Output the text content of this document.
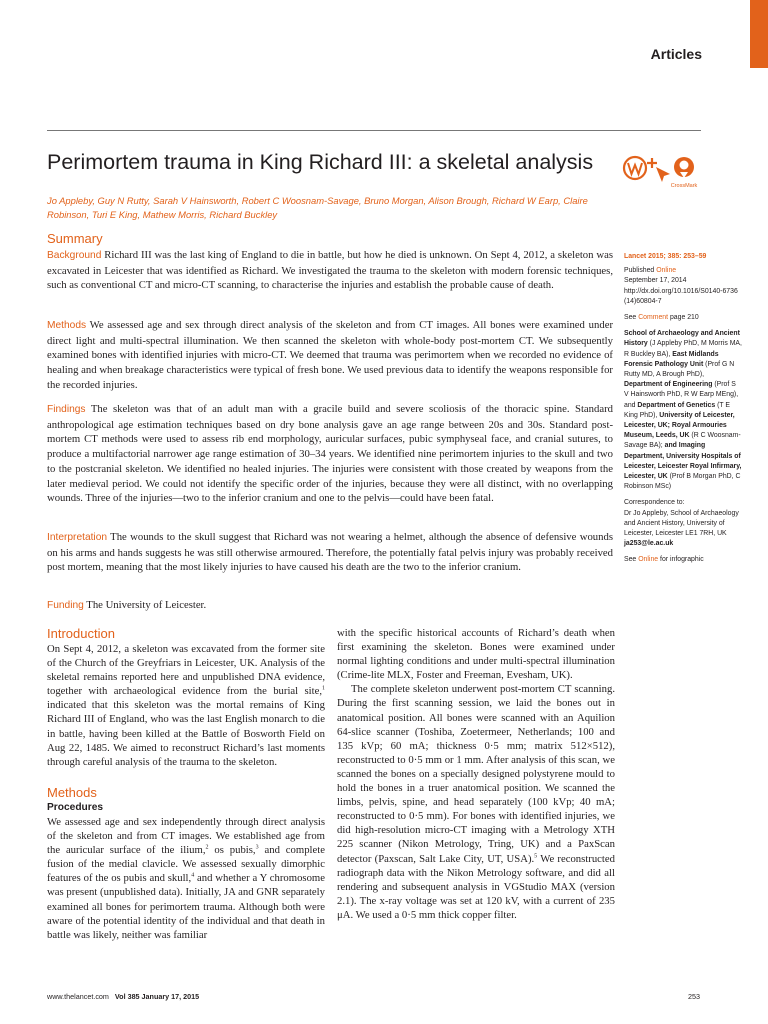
Articles
Perimortem trauma in King Richard III: a skeletal analysis
CrossMark
Jo Appleby, Guy N Rutty, Sarah V Hainsworth, Robert C Woosnam-Savage, Bruno Morgan, Alison Brough, Richard W Earp, Claire Robinson, Turi E King, Mathew Morris, Richard Buckley
Summary

Background Richard III was the last king of England to die in battle, but how he died is unknown. On Sept 4, 2012, a skeleton was excavated in Leicester that was identified as Richard. We investigated the trauma to the skeleton with modern forensic techniques, such as conventional CT and micro-CT scanning, to characterise the injuries and establish the probable cause of death.

Methods We assessed age and sex through direct analysis of the skeleton and from CT images. All bones were examined under direct light and multi-spectral illumination. We then scanned the skeleton with whole-body post-mortem CT. We subsequently examined bones with identified injuries with micro-CT. We deemed that trauma was perimortem when we recorded no evidence of healing and when breakage characteristics were typical of fresh bone. We used previous data to identify the weapons responsible for the recorded injuries.

Findings The skeleton was that of an adult man with a gracile build and severe scoliosis of the thoracic spine. Standard anthropological age estimation techniques based on dry bone analysis gave an age range between 20s and 30s. Standard post-mortem CT methods were used to assess rib end morphology, auricular surfaces, pubic symphyseal face, and cranial sutures, to produce a multifactorial narrower age range estimation of 30–34 years. We identified nine perimortem injuries to the skull and two to the postcranial skeleton. We identified no healed injuries. The injuries were consistent with those created by weapons from the later medieval period. We could not identify the specific order of the injuries, because they were all distinct, with no overlapping wounds. Three of the injuries—two to the inferior cranium and one to the pelvis—could have been fatal.

Interpretation The wounds to the skull suggest that Richard was not wearing a helmet, although the absence of defensive wounds on his arms and hands suggests he was still otherwise armoured. Therefore, the potentially fatal pelvis injury was probably received post mortem, meaning that the most likely injuries to have caused his death are the two to the inferior cranium.

Funding The University of Leicester.

Lancet 2015; 385: 253–59

Published Online
September 17, 2014
http://dx.doi.org/10.1016/S0140-6736(14)60804-7

See Comment page 210

School of Archaeology and Ancient History (J Appleby PhD, M Morris MA, R Buckley BA), East Midlands Forensic Pathology Unit (Prof G N Rutty MD, A Brough PhD), Department of Engineering (Prof S V Hainsworth PhD, R W Earp MEng), and Department of Genetics (T E King PhD), University of Leicester, Leicester, UK; Royal Armouries Museum, Leeds, UK (R C Woosnam-Savage BA); and Imaging Department, University Hospitals of Leicester, Leicester Royal Infirmary, Leicester, UK (Prof B Morgan PhD, C Robinson MSc)

Correspondence to:
Dr Jo Appleby, School of Archaeology and Ancient History, University of Leicester, Leicester LE1 7RH, UK
ja253@le.ac.uk

See Online for infographic

Introduction

On Sept 4, 2012, a skeleton was excavated from the former site of the Church of the Greyfriars in Leicester, UK. Analysis of the skeletal remains reported here and unpublished DNA evidence, together with archaeological evidence from the burial site,$^1$ indicated that this skeleton was the mortal remains of King Richard III of England, who was the last English monarch to die in battle, having been killed at the Battle of Bosworth Field on Aug 22, 1485. We aimed to reconstruct Richard’s last moments through careful analysis of the trauma to the skeleton.

Methods
Procedures

We assessed age and sex independently through direct analysis of the skeleton and from CT images. We established age from the auricular surface of the ilium,$^2$ os pubis,$^3$ and complete fusion of the medial clavicle. We assessed sexually dimorphic features of the os pubis and skull,$^4$ and whether a Y chromosome was present (unpublished data). Initially, JA and GNR separately examined all bones for perimortem trauma. Although both were aware of the potential identity of the individual and that death in battle was likely, neither was familiar

with the specific historical accounts of Richard’s death when first examining the skeleton. Bones were examined under normal lighting conditions and under multi-spectral illumination (Crime-lite MLX, Foster and Freeman, Evesham, UK).

The complete skeleton underwent post-mortem CT scanning. During the first scanning session, we laid the bones out in anatomical position. All bones were scanned with an Aquilion 64-slice scanner (Toshiba, Zoetermeer, Netherlands; 100 and 135 kVp; 60 mA; thickness 0·5 mm; matrix 512×512), reconstructed to 0·5 mm or 1 mm. After analysis of this scan, we scanned the bones on a specially designed polystyrene mould to hold the bones in a truer anatomical position. We scanned the limbs, pelvis, spine, and head separately (100 kVp; 40 mA; reconstructed to 0·5 mm). For bones with identified injuries, we did high-resolution micro-CT imaging with a Metrology XTH 225 scanner (Nikon Metrology, Tring, UK) and a PaxScan detector (Paxscan, Salt Lake City, UT, USA).$^5$ We reconstructed radiograph data with the Nikon Metrology software, and did all rendering and subsequent analysis in VGStudio MAX (version 2.1). The x-ray voltage was set at 120 kV, with a current of 235 μA. We used a 0·5 mm thick copper filter.

www.thelancet.com Vol 385 January 17, 2015	253
